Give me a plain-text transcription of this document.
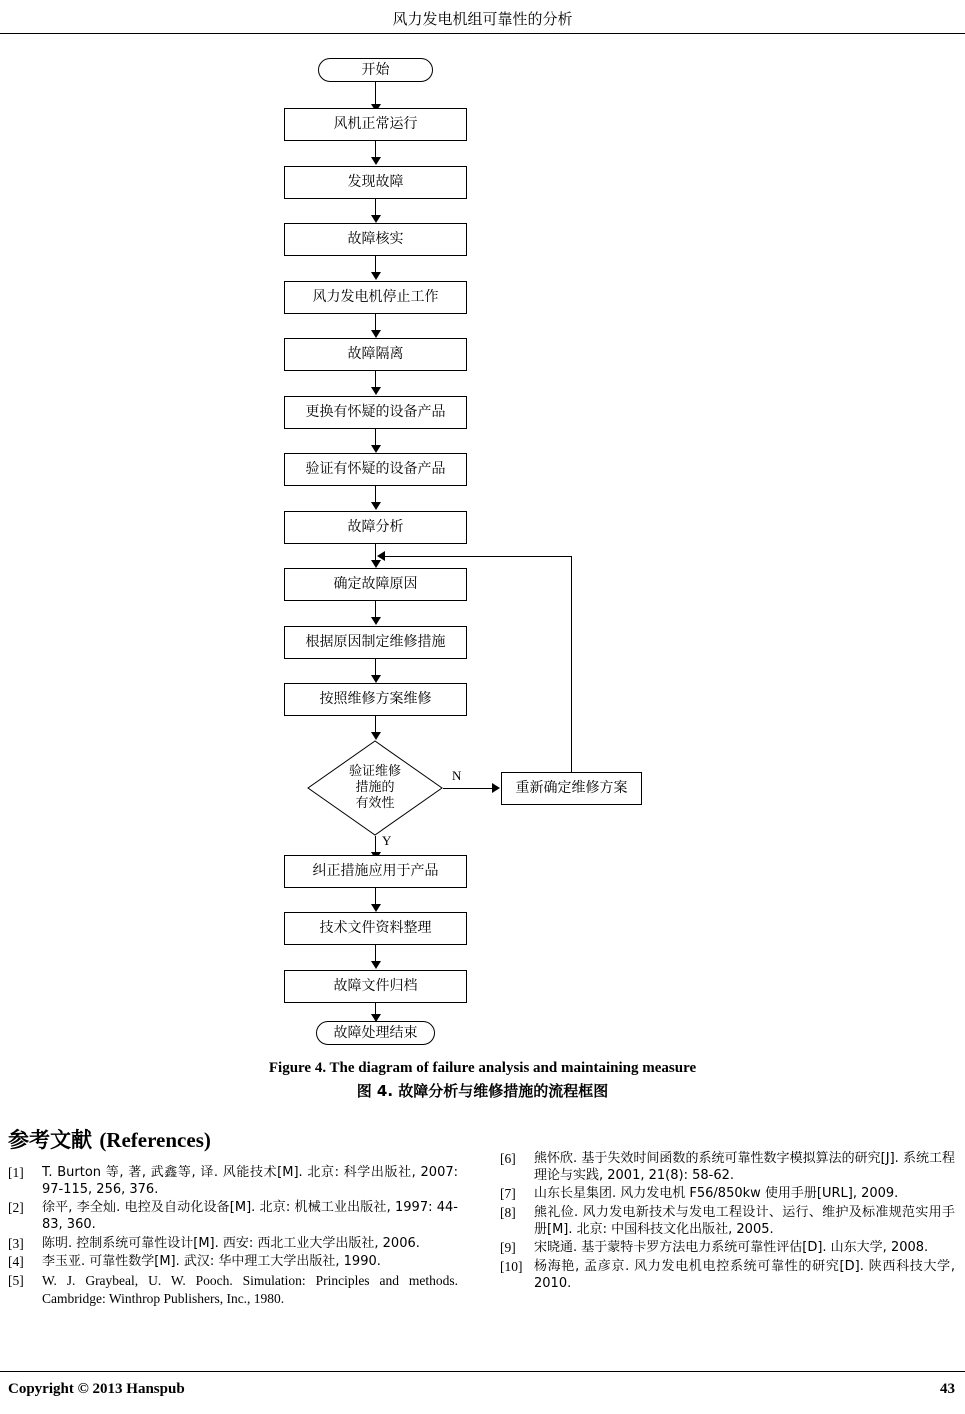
风力发电机组可靠性的分析
开始
风机正常运行
发现故障
故障核实
风力发电机停止工作
故障隔离
更换有怀疑的设备产品
验证有怀疑的设备产品
故障分析
确定故障原因
根据原因制定维修措施
按照维修方案维修
验证维修
措施的
有效性
N
重新确定维修方案
Y
纠正措施应用于产品
技术文件资料整理
故障文件归档
故障处理结束
Figure 4. The diagram of failure analysis and maintaining measure
图 4. 故障分析与维修措施的流程框图
参考文献 (References)
[1]	T. Burton 等, 著, 武鑫等, 译. 风能技术[M]. 北京: 科学出版社, 2007: 97-115, 256, 376.
[2]	徐平, 李全灿. 电控及自动化设备[M]. 北京: 机械工业出版社, 1997: 44-83, 360.
[3]	陈明. 控制系统可靠性设计[M]. 西安: 西北工业大学出版社, 2006.
[4]	李玉亚. 可靠性数学[M]. 武汉: 华中理工大学出版社, 1990.
[5]	W. J. Graybeal, U. W. Pooch. Simulation: Principles and methods. Cambridge: Winthrop Publishers, Inc., 1980.
[6]	熊怀欣. 基于失效时间函数的系统可靠性数字模拟算法的研究[J]. 系统工程理论与实践, 2001, 21(8): 58-62.
[7]	山东长星集团. 风力发电机 F56/850kw 使用手册[URL], 2009.
[8]	熊礼俭. 风力发电新技术与发电工程设计、运行、维护及标准规范实用手册[M]. 北京: 中国科技文化出版社, 2005.
[9]	宋晓通. 基于蒙特卡罗方法电力系统可靠性评估[D]. 山东大学, 2008.
[10] 杨海艳, 孟彦京. 风力发电机电控系统可靠性的研究[D]. 陕西科技大学, 2010.
Copyright © 2013 Hanspub	43
